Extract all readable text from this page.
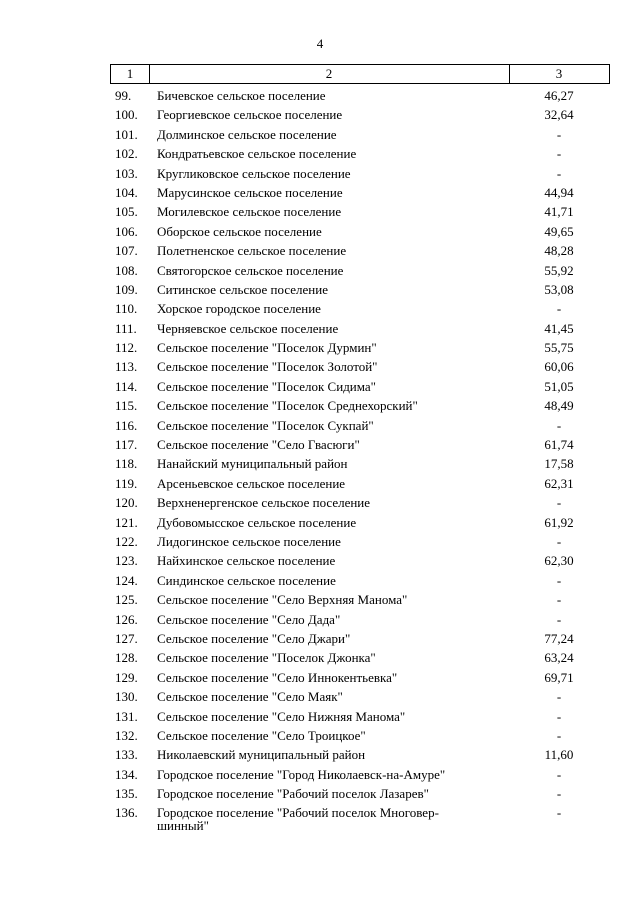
4
1	2	3
99. Бичевское сельское поселение	46,27
100. Георгиевское сельское поселение	32,64
101. Долминское сельское поселение	-
102. Кондратьевское сельское поселение	-
103. Кругликовское сельское поселение	-
104. Марусинское сельское поселение	44,94
105. Могилевское сельское поселение	41,71
106. Оборское сельское поселение	49,65
107. Полетненское сельское поселение	48,28
108. Святогорское сельское поселение	55,92
109. Ситинское сельское поселение	53,08
110. Хорское городское поселение	-
111. Черняевское сельское поселение	41,45
112. Сельское поселение "Поселок Дурмин"	55,75
113. Сельское поселение "Поселок Золотой"	60,06
114. Сельское поселение "Поселок Сидима"	51,05
115. Сельское поселение "Поселок Среднехорский"	48,49
116. Сельское поселение "Поселок Сукпай"	-
117. Сельское поселение "Село Гвасюги"	61,74
118. Нанайский муниципальный район	17,58
119. Арсеньевское сельское поселение	62,31
120. Верхненергенское сельское поселение	-
121. Дубовомысское сельское поселение	61,92
122. Лидогинское сельское поселение	-
123. Найхинское сельское поселение	62,30
124. Синдинское сельское поселение	-
125. Сельское поселение "Село Верхняя Манома"	-
126. Сельское поселение "Село Дада"	-
127. Сельское поселение "Село Джари"	77,24
128. Сельское поселение "Поселок Джонка"	63,24
129. Сельское поселение "Село Иннокентьевка"	69,71
130. Сельское поселение "Село Маяк"	-
131. Сельское поселение "Село Нижняя Манома"	-
132. Сельское поселение "Село Троицкое"	-
133. Николаевский муниципальный район	11,60
134. Городское поселение "Город Николаевск-на-Амуре"	-
135. Городское поселение "Рабочий поселок Лазарев"	-
136. Городское поселение "Рабочий поселок Многовер-
шинный"
-
